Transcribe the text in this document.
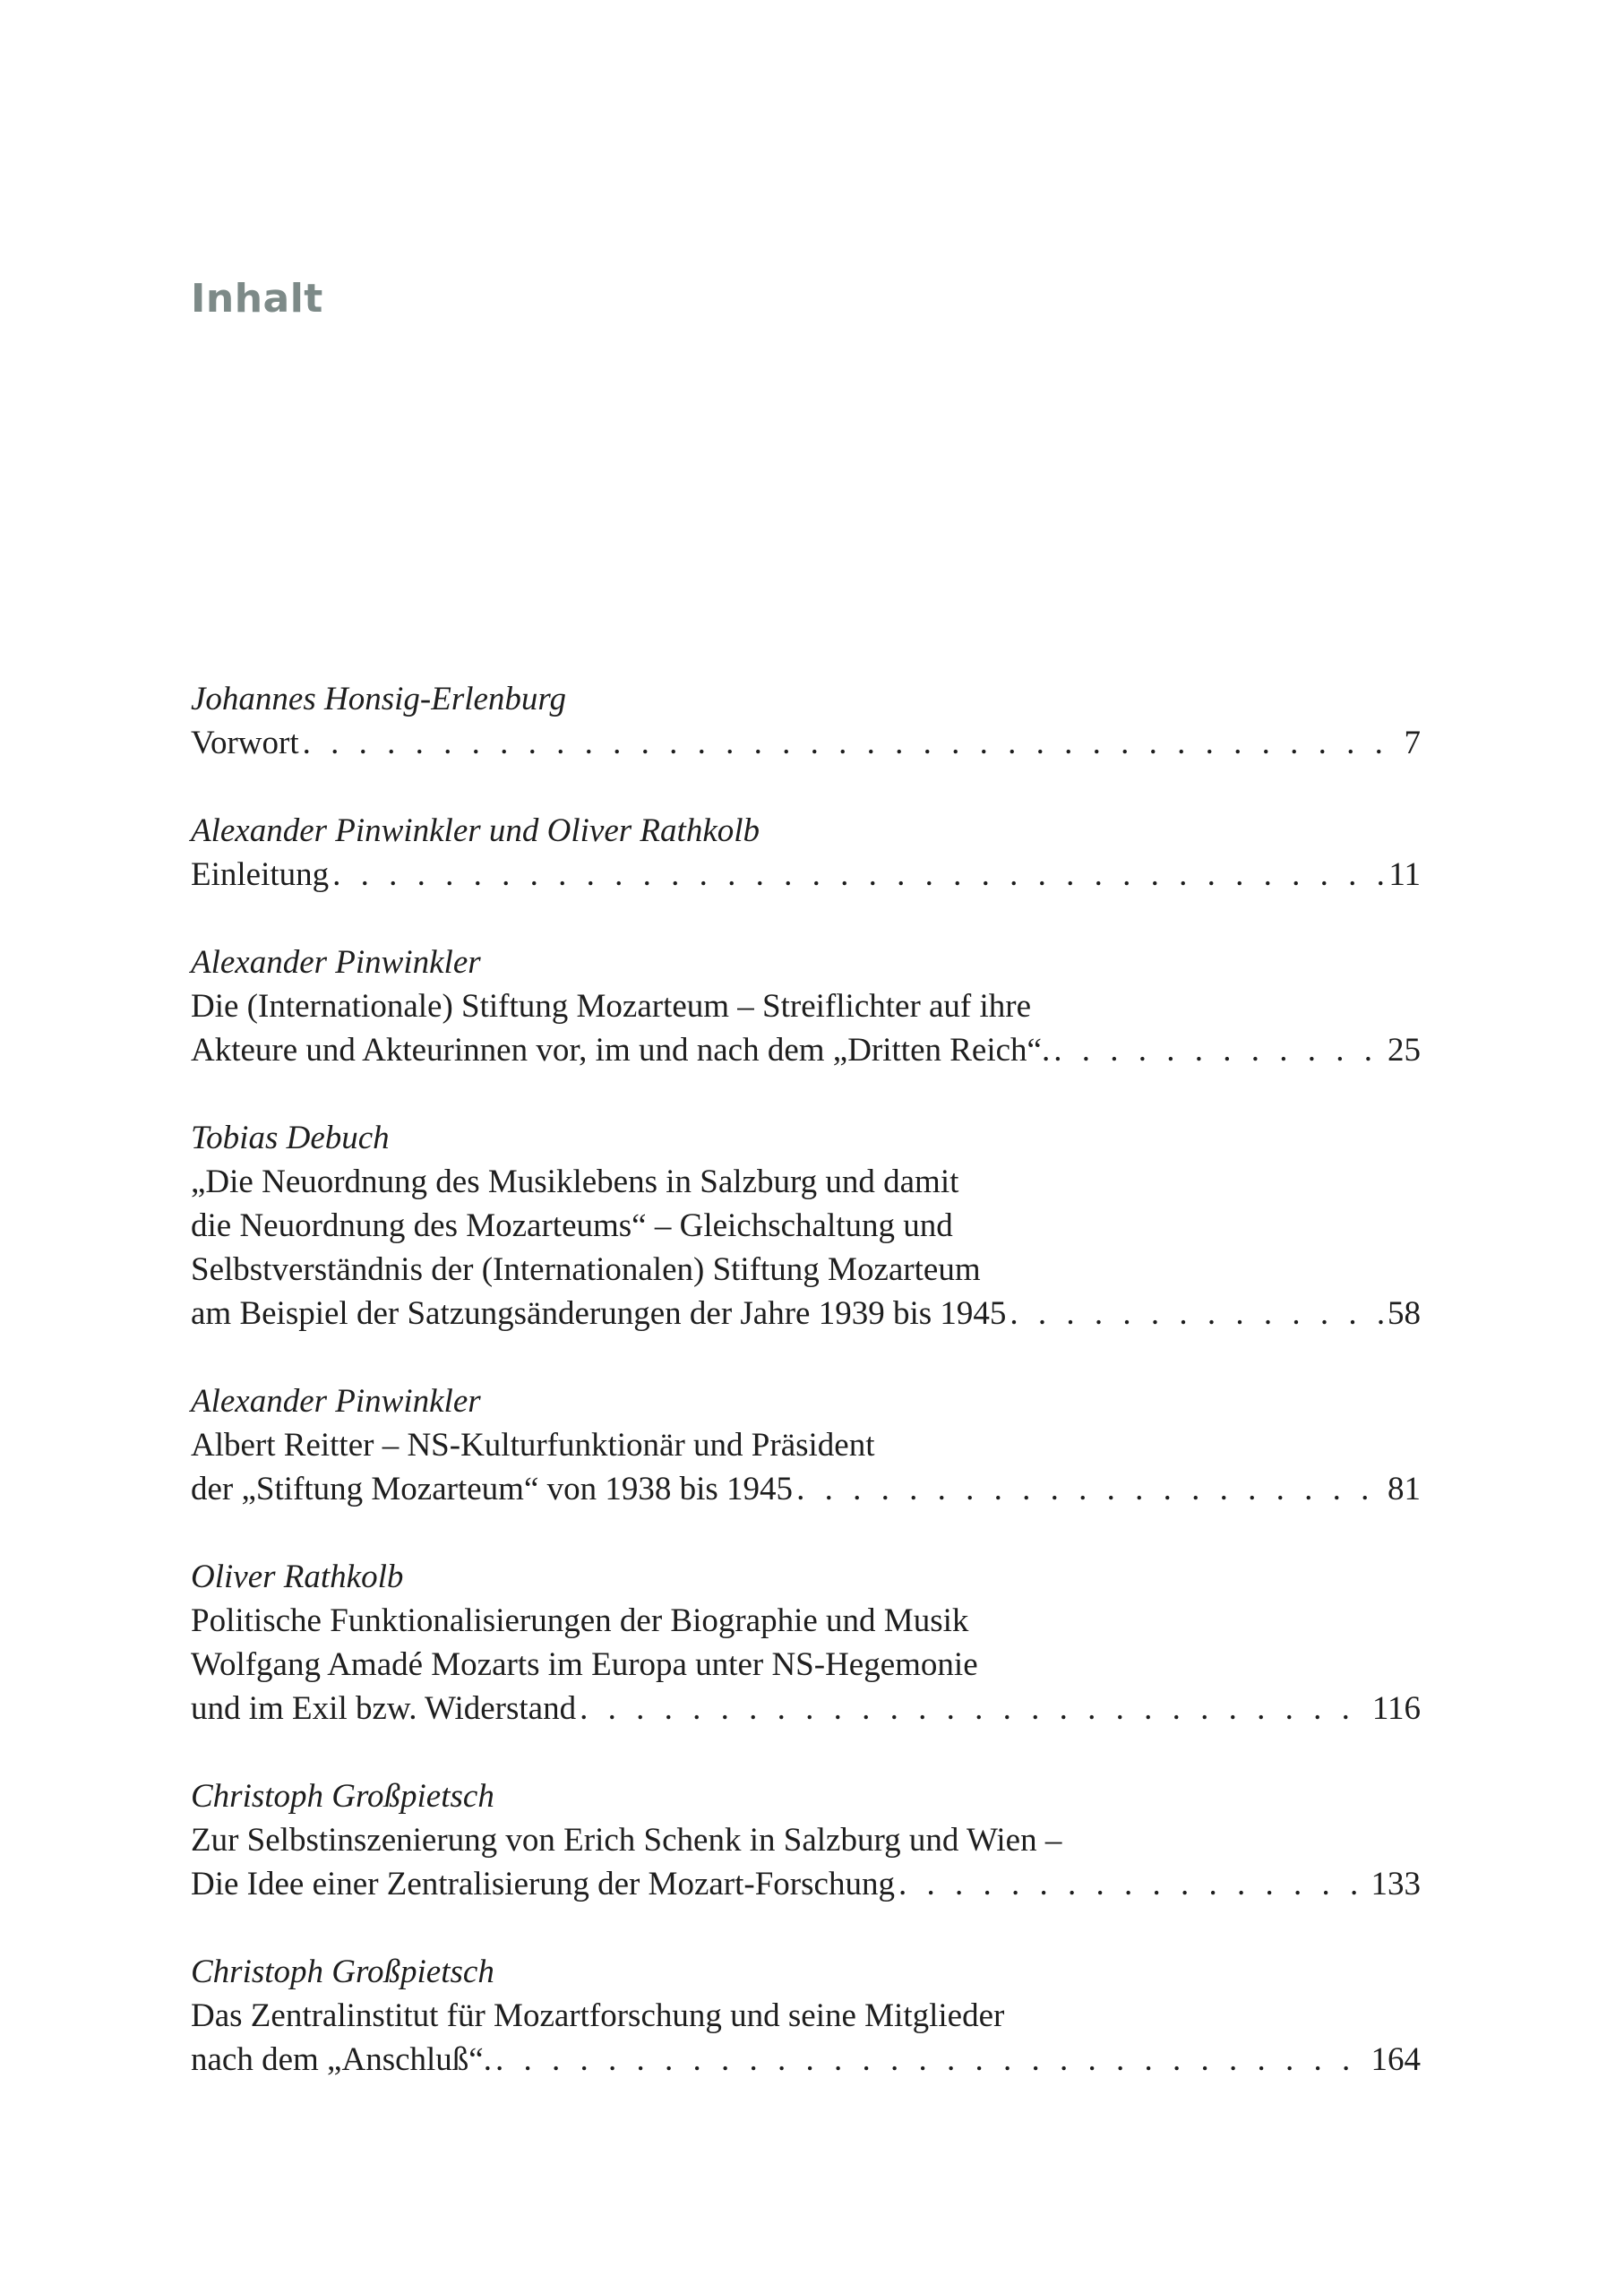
Inhalt
Johannes Honsig-Erlenburg
Vorwort . . .	7
Alexander Pinwinkler und Oliver Rathkolb
Einleitung . . .	11
Alexander Pinwinkler
Die (Internationale) Stiftung Mozarteum – Streiflichter auf ihre
Akteure und Akteurinnen vor, im und nach dem „Dritten Reich“. . . .	25
Tobias Debuch
„Die Neuordnung des Musiklebens in Salzburg und damit
die Neuordnung des Mozarteums“ – Gleichschaltung und
Selbstverständnis der (Internationalen) Stiftung Mozarteum
am Beispiel der Satzungsänderungen der Jahre 1939 bis 1945 . . .	58
Alexander Pinwinkler
Albert Reitter – NS-Kulturfunktionär und Präsident
der „Stiftung Mozarteum“ von 1938 bis 1945 . . .	81
Oliver Rathkolb
Politische Funktionalisierungen der Biographie und Musik
Wolfgang Amadé Mozarts im Europa unter NS-Hegemonie
und im Exil bzw. Widerstand . . .	116
Christoph Großpietsch
Zur Selbstinszenierung von Erich Schenk in Salzburg und Wien –
Die Idee einer Zentralisierung der Mozart-Forschung . . .	133
Christoph Großpietsch
Das Zentralinstitut für Mozartforschung und seine Mitglieder
nach dem „Anschluß“. . . .	164
